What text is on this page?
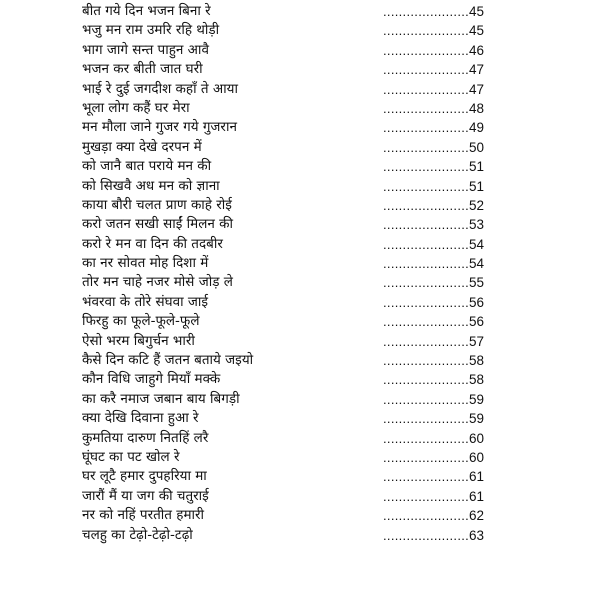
बीत गये दिन भजन बिना रे	...................... 45
भजु मन राम उमरि रहि थोड़ी	...................... 45
भाग जागे सन्त पाहुन आवै	...................... 46
भजन कर बीती जात घरी	...................... 47
भाई रे दुई जगदीश कहाँ ते आया	...................... 47
भूला लोग कहैं घर मेरा	...................... 48
मन मौला जाने गुजर गये गुजरान	...................... 49
मुखड़ा क्या देखे दरपन में	...................... 50
को जानै बात पराये मन की	...................... 51
को सिखवै अध मन को ज्ञाना	...................... 51
काया बौरी चलत प्राण काहे रोई	...................... 52
करो जतन सखी साईं मिलन की	...................... 53
करो रे मन वा दिन की तदबीर	...................... 54
का नर सोवत मोह दिशा में	...................... 54
तोर मन चाहे नजर मोसे जोड़ ले	...................... 55
भंवरवा के तोरे संघवा जाई	...................... 56
फिरहु का फूले-फूले-फूले	...................... 56
ऐसो भरम बिगुर्चन भारी	...................... 57
कैसे दिन कटि हैं जतन बताये जइयो	...................... 58
कौन विधि जाहुगे मियाँ मक्के	...................... 58
का करै नमाज जबान बाय बिगड़ी	...................... 59
क्या देखि दिवाना हुआ रे	...................... 59
कुमतिया दारुण नितहिं लरै	...................... 60
घूंघट का पट खोल रे	...................... 60
घर लूटै हमार दुपहरिया मा	...................... 61
जारौं मैं या जग की चतुराई	...................... 61
नर को नहिं परतीत हमारी	...................... 62
चलहु का टेढ़ो-टेढ़ो-टढ़ो	...................... 63
